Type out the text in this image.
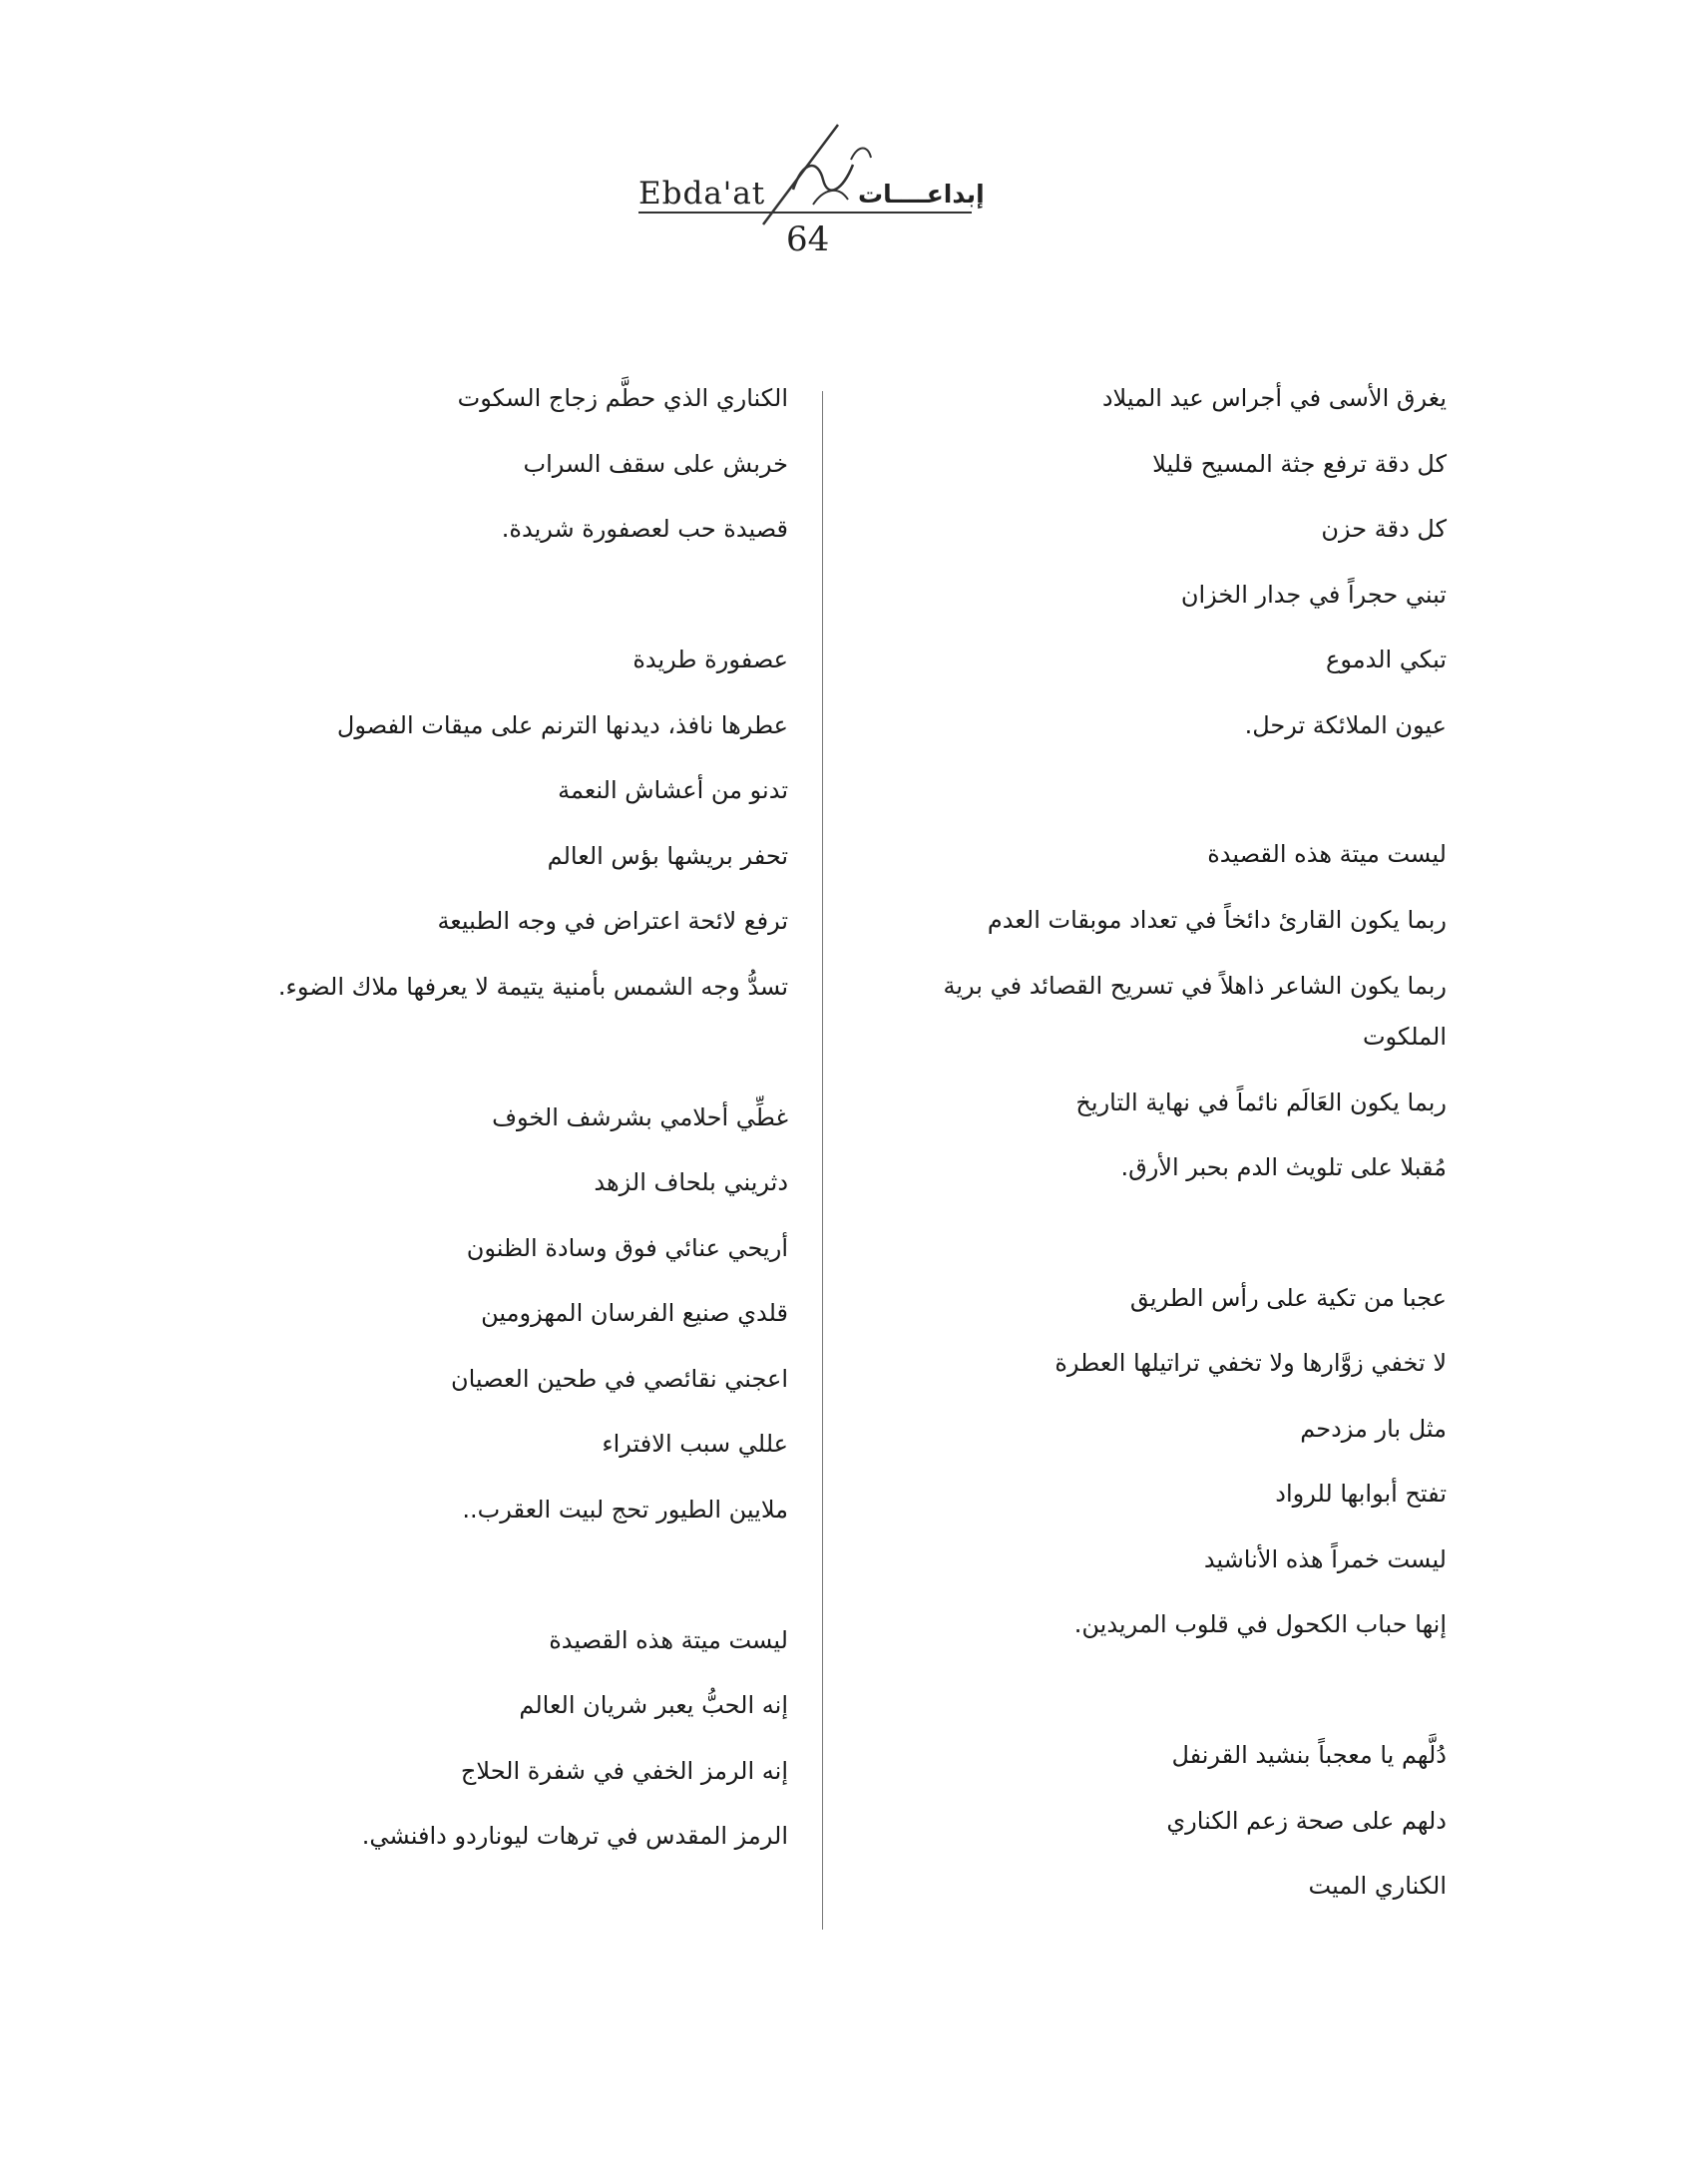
Ebda'at	إبداعــــات
64
يغرق الأسى في أجراس عيد الميلاد
كل دقة ترفع جثة المسيح قليلا
كل دقة حزن
تبني حجراً في جدار الخزان
تبكي الدموع
عيون الملائكة ترحل.
ليست ميتة هذه القصيدة
ربما يكون القارئ دائخاً في تعداد موبقات العدم
ربما يكون الشاعر ذاهلاً في تسريح القصائد في برية
الملكوت
ربما يكون العَالَم نائماً في نهاية التاريخ
مُقبلا على تلويث الدم بحبر الأرق.
عجبا من تكية على رأس الطريق
لا تخفي زوَّارها ولا تخفي تراتيلها العطرة
مثل بار مزدحم
تفتح أبوابها للرواد
ليست خمراً هذه الأناشيد
إنها حباب الكحول في قلوب المريدين.
دُلَّهم يا معجباً بنشيد القرنفل
دلهم على صحة زعم الكناري
الكناري الميت
الكناري الذي حطَّم زجاج السكوت
خربش على سقف السراب
قصيدة حب لعصفورة شريدة.
عصفورة طريدة
عطرها نافذ، ديدنها الترنم على ميقات الفصول
تدنو من أعشاش النعمة
تحفر بريشها بؤس العالم
ترفع لائحة اعتراض في وجه الطبيعة
تسدُّ وجه الشمس بأمنية يتيمة لا يعرفها ملاك الضوء.
غطِّي أحلامي بشرشف الخوف
دثريني بلحاف الزهد
أريحي عنائي فوق وسادة الظنون
قلدي صنيع الفرسان المهزومين
اعجني نقائصي في طحين العصيان
عللي سبب الافتراء
ملايين الطيور تحج لبيت العقرب..
ليست ميتة هذه القصيدة
إنه الحبُّ يعبر شريان العالم
إنه الرمز الخفي في شفرة الحلاج
الرمز المقدس في ترهات ليوناردو دافنشي.
